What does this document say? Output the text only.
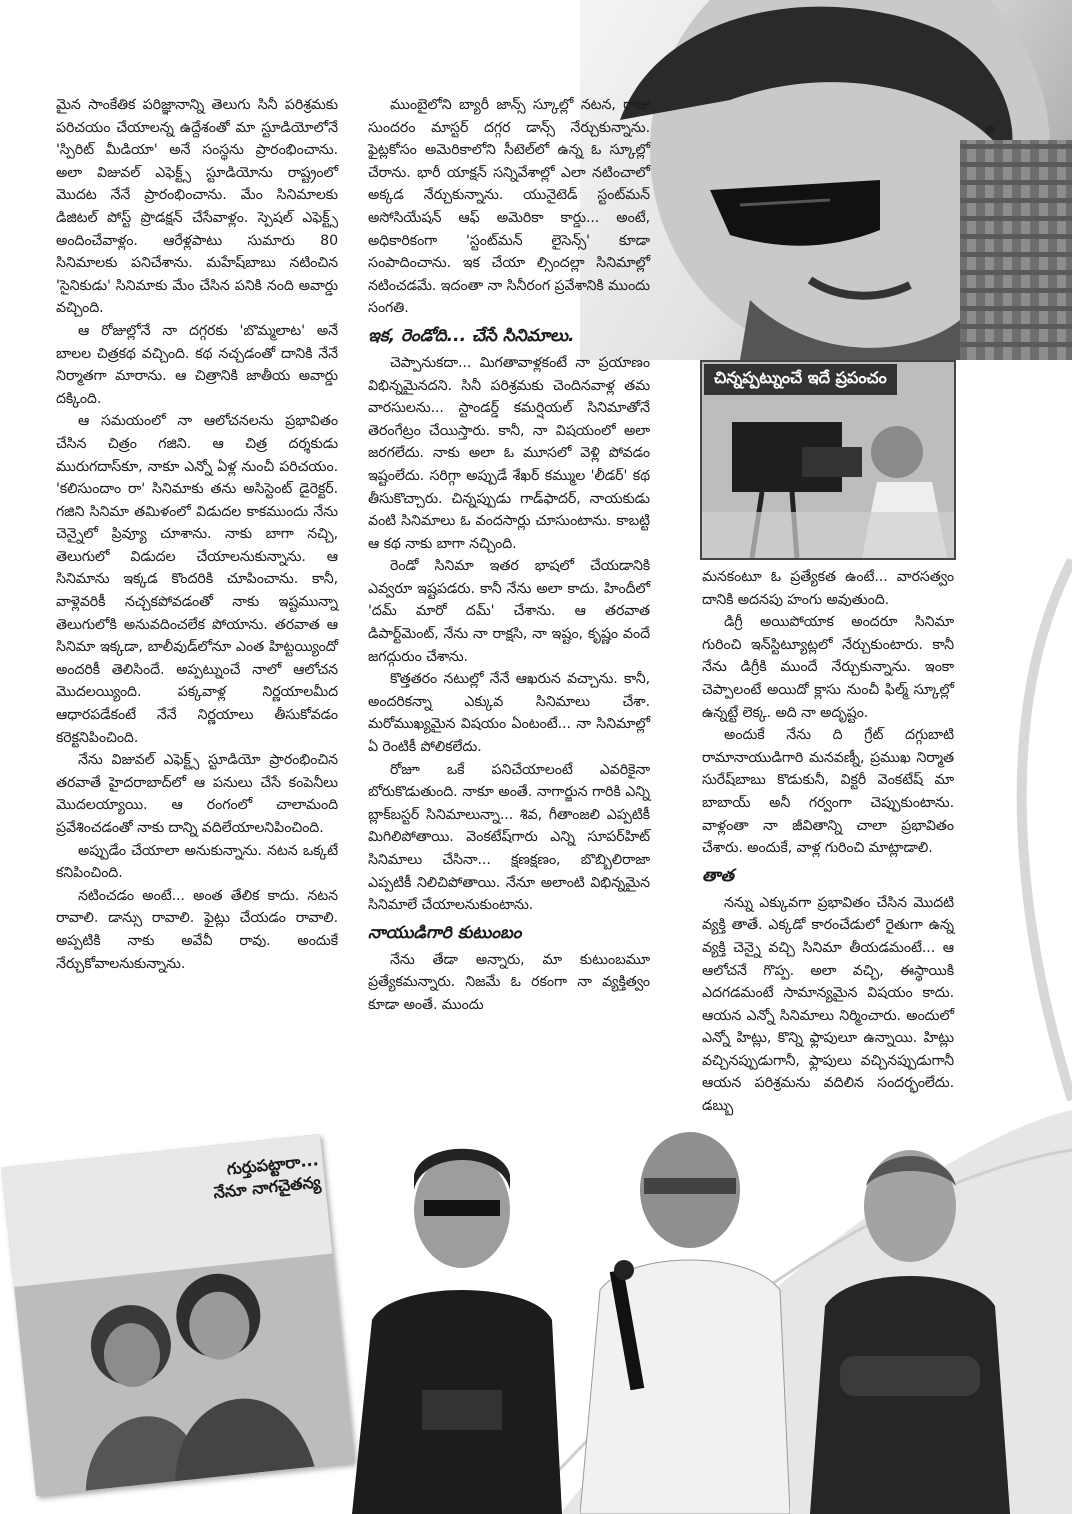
మైన సాంకేతిక పరిజ్ఞానాన్ని తెలుగు సినీ పరిశ్రమకు పరిచయం చేయాలన్న ఉద్దేశంతో మా స్టూడియోలోనే 'స్పిరిట్ మీడియా' అనే సంస్థను ప్రారంభించాను. అలా విజువల్ ఎఫెక్ట్స్ స్టూడియోను రాష్ట్రంలో మొదట నేనే ప్రారంభించాను. మేం సినిమాలకు డిజిటల్ పోస్ట్ ప్రొడక్షన్ చేసేవాళ్లం. స్పెషల్ ఎఫెక్ట్స్ అందించేవాళ్లం. ఆరేళ్లపాటు సుమారు 80 సినిమాలకు పనిచేశాను. మహేష్‌బాబు నటించిన 'సైనికుడు' సినిమాకు మేం చేసిన పనికి నంది అవార్డు వచ్చింది.

ఆ రోజుల్లోనే నా దగ్గరకు 'బొమ్మలాట' అనే బాలల చిత్రకథ వచ్చింది. కథ నచ్చడంతో దానికి నేనే నిర్మాతగా మారాను. ఆ చిత్రానికి జాతీయ అవార్డు దక్కింది.

ఆ సమయంలో నా ఆలోచనలను ప్రభావితం చేసిన చిత్రం గజిని. ఆ చిత్ర దర్శకుడు మురుగదాస్‌కూ, నాకూ ఎన్నో ఏళ్ల నుంచీ పరిచయం. 'కలిసుందాం రా' సినిమాకు తను అసిస్టెంట్ డైరెక్టర్. గజిని సినిమా తమిళంలో విడుదల కాకముందు నేను చెన్నైలో ప్రివ్యూ చూశాను. నాకు బాగా నచ్చి, తెలుగులో విడుదల చేయాలనుకున్నాను. ఆ సినిమాను ఇక్కడ కొందరికి చూపించాను. కానీ, వాళ్లెవరికీ నచ్చకపోవడంతో నాకు ఇష్టమున్నా తెలుగులోకి అనువదించలేక పోయాను. తరవాత ఆ సినిమా ఇక్కడా, బాలీవుడ్‌లోనూ ఎంత హిట్టయ్యిందో అందరికీ తెలిసిందే. అప్పట్నుంచే నాలో ఆలోచన మొదలయ్యింది. పక్కవాళ్ల నిర్ణయాలమీద ఆధారపడేకంటే నేనే నిర్ణయాలు తీసుకోవడం కరెక్టనిపించింది.

నేను విజువల్ ఎఫెక్ట్స్ స్టూడియో ప్రారంభించిన తరవాతే హైదరాబాద్‌లో ఆ పనులు చేసే కంపెనీలు మొదలయ్యాయి. ఆ రంగంలో చాలామంది ప్రవేశించడంతో నాకు దాన్ని వదిలేయాలనిపించింది.

అప్పుడేం చేయాలా అనుకున్నాను. నటన ఒక్కటే కనిపించింది.

నటించడం అంటే... అంత తేలిక కాదు. నటన రావాలి. డాన్సు రావాలి. ఫైట్లు చేయడం రావాలి. అప్పటికి నాకు అవేవీ రావు. అందుకే నేర్చుకోవాలనుకున్నాను.

ముంబైలోని బ్యారీ జాన్స్ స్కూల్లో నటన, రాజు సుందరం మాస్టర్ దగ్గర డాన్స్ నేర్చుకున్నాను. ఫైట్లకోసం అమెరికాలోని సీటెల్‌లో ఉన్న ఓ స్కూల్లో చేరాను. భారీ యాక్షన్ సన్నివేశాల్లో ఎలా నటించాలో అక్కడ నేర్చుకున్నాను. యునైటెడ్ స్టంట్‌మన్ అసోసియేషన్ ఆఫ్ అమెరికా కార్డు... అంటే, అధికారికంగా 'స్టంట్‌మన్ లైసెన్స్' కూడా సంపాదించాను. ఇక చేయా ల్సిందల్లా సినిమాల్లో నటించడమే. ఇదంతా నా సినీరంగ ప్రవేశానికి ముందు సంగతి.

ఇక, రెండోది... చేసే సినిమాలు.

చెప్పానుకదా... మిగతావాళ్లకంటే నా ప్రయాణం విభిన్నమైనదని. సినీ పరిశ్రమకు చెందినవాళ్ల తమ వారసులను... స్టాండర్డ్ కమర్షియల్ సినిమాతోనే తెరంగేట్రం చేయిస్తారు. కానీ, నా విషయంలో అలా జరగలేదు. నాకు అలా ఓ మూసలో వెళ్లి పోవడం ఇష్టంలేదు. సరిగ్గా అప్పుడే శేఖర్ కమ్ముల 'లీడర్' కథ తీసుకొచ్చారు. చిన్నప్పుడు గాడ్‌ఫాదర్, నాయకుడు వంటి సినిమాలు ఓ వందసార్లు చూసుంటాను. కాబట్టి ఆ కథ నాకు బాగా నచ్చింది.

రెండో సినిమా ఇతర భాషలో చేయడానికి ఎవ్వరూ ఇష్టపడరు. కానీ నేను అలా కాదు. హిందీలో 'దమ్ మారో దమ్' చేశాను. ఆ తరవాత డిపార్ట్‌మెంట్, నేను నా రాక్షసి, నా ఇష్టం, కృష్ణం వందే జగద్గురుం చేశాను.

కొత్తతరం నటుల్లో నేనే ఆఖరున వచ్చాను. కానీ, అందరికన్నా ఎక్కువ సినిమాలు చేశా. మరోముఖ్యమైన విషయం ఏంటంటే... నా సినిమాల్లో ఏ రెంటికీ పోలికలేదు.

రోజూ ఒకే పనిచేయాలంటే ఎవరికైనా బోరుకొడుతుంది. నాకూ అంతే. నాగార్జున గారికి ఎన్ని బ్లాక్‌బస్టర్ సినిమాలున్నా... శివ, గీతాంజలి ఎప్పటికీ మిగిలిపోతాయి. వెంకటేష్‌గారు ఎన్ని సూపర్‌హిట్ సినిమాలు చేసినా... క్షణక్షణం, బొబ్బిలిరాజా ఎప్పటికీ నిలిచిపోతాయి. నేనూ అలాంటి విభిన్నమైన సినిమాలే చేయాలనుకుంటాను.

నాయుడిగారి కుటుంబం

నేను తేడా అన్నారు, మా కుటుంబమూ ప్రత్యేకమన్నారు. నిజమే ఓ రకంగా నా వ్యక్తిత్వం కూడా అంతే. ముందు

చిన్నప్పట్నుంచే ఇదే ప్రపంచం

మనకంటూ ఓ ప్రత్యేకత ఉంటే... వారసత్వం దానికి అదనపు హంగు అవుతుంది.

డిగ్రీ అయిపోయాక అందరూ సినిమా గురించి ఇన్‌స్టిట్యూట్లలో నేర్చుకుంటారు. కానీ నేను డిగ్రీకి ముందే నేర్చుకున్నాను. ఇంకా చెప్పాలంటే అయిదో క్లాసు నుంచీ ఫిల్మ్ స్కూల్లో ఉన్నట్టే లెక్క. అది నా అదృష్టం.

అందుకే నేను ది గ్రేట్ దగ్గుబాటి రామానాయుడిగారి మనవణ్నీ, ప్రముఖ నిర్మాత సురేష్‌బాబు కొడుకునీ, విక్టరీ వెంకటేష్ మా బాబాయ్ అనీ గర్వంగా చెప్పుకుంటాను. వాళ్లంతా నా జీవితాన్ని చాలా ప్రభావితం చేశారు. అందుకే, వాళ్ల గురించి మాట్లాడాలి.

తాత

నన్ను ఎక్కువగా ప్రభావితం చేసిన మొదటి వ్యక్తి తాతే. ఎక్కడో కారంచేడులో రైతుగా ఉన్న వ్యక్తి చెన్నై వచ్చి సినిమా తీయడమంటే... ఆ ఆలోచనే గొప్ప. అలా వచ్చి, ఈస్థాయికి ఎదగడమంటే సామాన్యమైన విషయం కాదు. ఆయన ఎన్నో సినిమాలు నిర్మించారు. అందులో ఎన్నో హిట్లు, కొన్ని ఫ్లాపులూ ఉన్నాయి. హిట్లు వచ్చినప్పుడుగానీ, ఫ్లాపులు వచ్చినప్పుడుగానీ ఆయన పరిశ్రమను వదిలిన సందర్భంలేదు. డబ్బు

గుర్తుపట్టారా...
నేనూ నాగచైతన్య
